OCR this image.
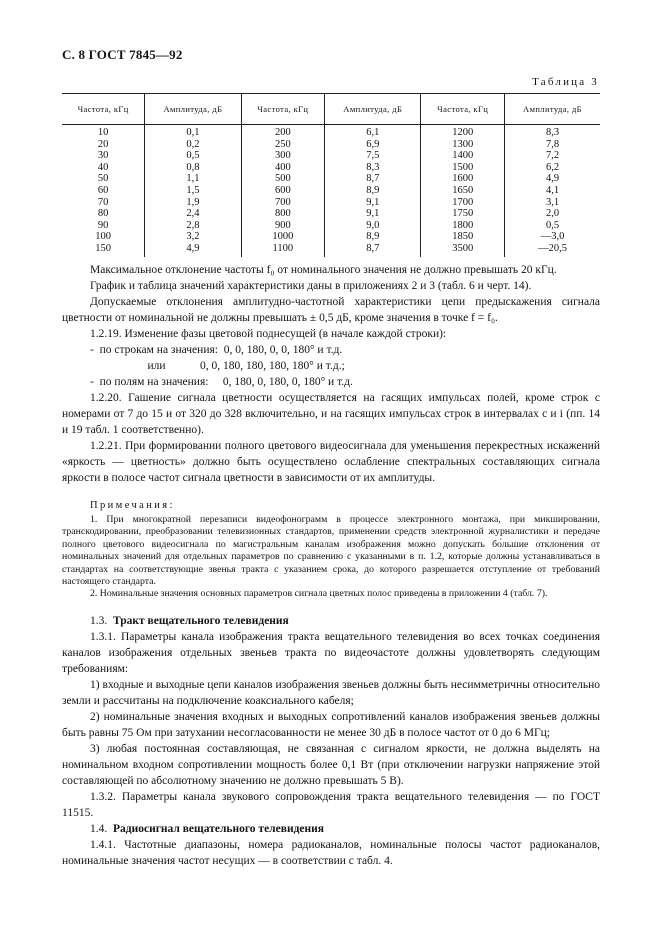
С. 8 ГОСТ 7845—92
Таблица 3
Частота, кГц	Амплитуда, дБ	Частота, кГц	Амплитуда, дБ	Частота, кГц	Амплитуда, дБ
10	0,1	200	6,1	1200	8,3
20	0,2	250	6,9	1300	7,8
30	0,5	300	7,5	1400	7,2
40	0,8	400	8,3	1500	6,2
50	1,1	500	8,7	1600	4,9
60	1,5	600	8,9	1650	4,1
70	1,9	700	9,1	1700	3,1
80	2,4	800	9,1	1750	2,0
90	2,8	900	9,0	1800	0,5
100	3,2	1000	8,9	1850	—3,0
150	4,9	1100	8,7	3500	—20,5

Максимальное отклонение частоты f₀ от номинального значения не должно превышать 20 кГц.

График и таблица значений характеристики даны в приложениях 2 и 3 (табл. 6 и черт. 14).

Допускаемые отклонения амплитудно-частотной характеристики цепи предыскажения сигнала цветности от номинальной не должны превышать ± 0,5 дБ, кроме значения в точке f = f₀.

1.2.19. Изменение фазы цветовой поднесущей (в начале каждой строки):

-  по строкам на значения:  0, 0, 180, 0, 0, 180° и т.д.

или            0, 0, 180, 180, 180, 180° и т.д.;

-  по полям на значения:     0, 180, 0, 180, 0, 180° и т.д.

1.2.20. Гашение сигнала цветности осуществляется на гасящих импульсах полей, кроме строк с номерами от 7 до 15 и от 320 до 328 включительно, и на гасящих импульсах строк в интервалах c и i (пп. 14 и 19 табл. 1 соответственно).

1.2.21. При формировании полного цветового видеосигнала для уменьшения перекрестных искажений «яркость — цветность» должно быть осуществлено ослабление спектральных составляющих сигнала яркости в полосе частот сигнала цветности в зависимости от их амплитуды.

Примечания:

1. При многократной перезаписи видеофонограмм в процессе электронного монтажа, при микшировании, транскодировании, преобразовании телевизионных стандартов, применении средств электронной журналистики и передаче полного цветового видеосигнала по магистральным каналам изображения можно допускать бо́льшие отклонения от номинальных значений для отдельных параметров по сравнению с указанными в п. 1.2, которые должны устанавливаться в стандартах на соответствующие звенья тракта с указанием срока, до которого разрешается отступление от требований настоящего стандарта.

2. Номинальные значения основных параметров сигнала цветных полос приведены в приложении 4 (табл. 7).

1.3. Тракт вещательного телевидения

1.3.1. Параметры канала изображения тракта вещательного телевидения во всех точках соединения каналов изображения отдельных звеньев тракта по видеочастоте должны удовлетворять следующим требованиям:

1) входные и выходные цепи каналов изображения звеньев должны быть несимметричны относительно земли и рассчитаны на подключение коаксиального кабеля;

2) номинальные значения входных и выходных сопротивлений каналов изображения звеньев должны быть равны 75 Ом при затухании несогласованности не менее 30 дБ в полосе частот от 0 до 6 МГц;

3) любая постоянная составляющая, не связанная с сигналом яркости, не должна выделять на номинальном входном сопротивлении мощность более 0,1 Вт (при отключении нагрузки напряжение этой составляющей по абсолютному значению не должно превышать 5 В).

1.3.2. Параметры канала звукового сопровождения тракта вещательного телевидения — по ГОСТ 11515.

1.4. Радиосигнал вещательного телевидения

1.4.1. Частотные диапазоны, номера радиоканалов, номинальные полосы частот радиоканалов, номинальные значения частот несущих — в соответствии с табл. 4.
